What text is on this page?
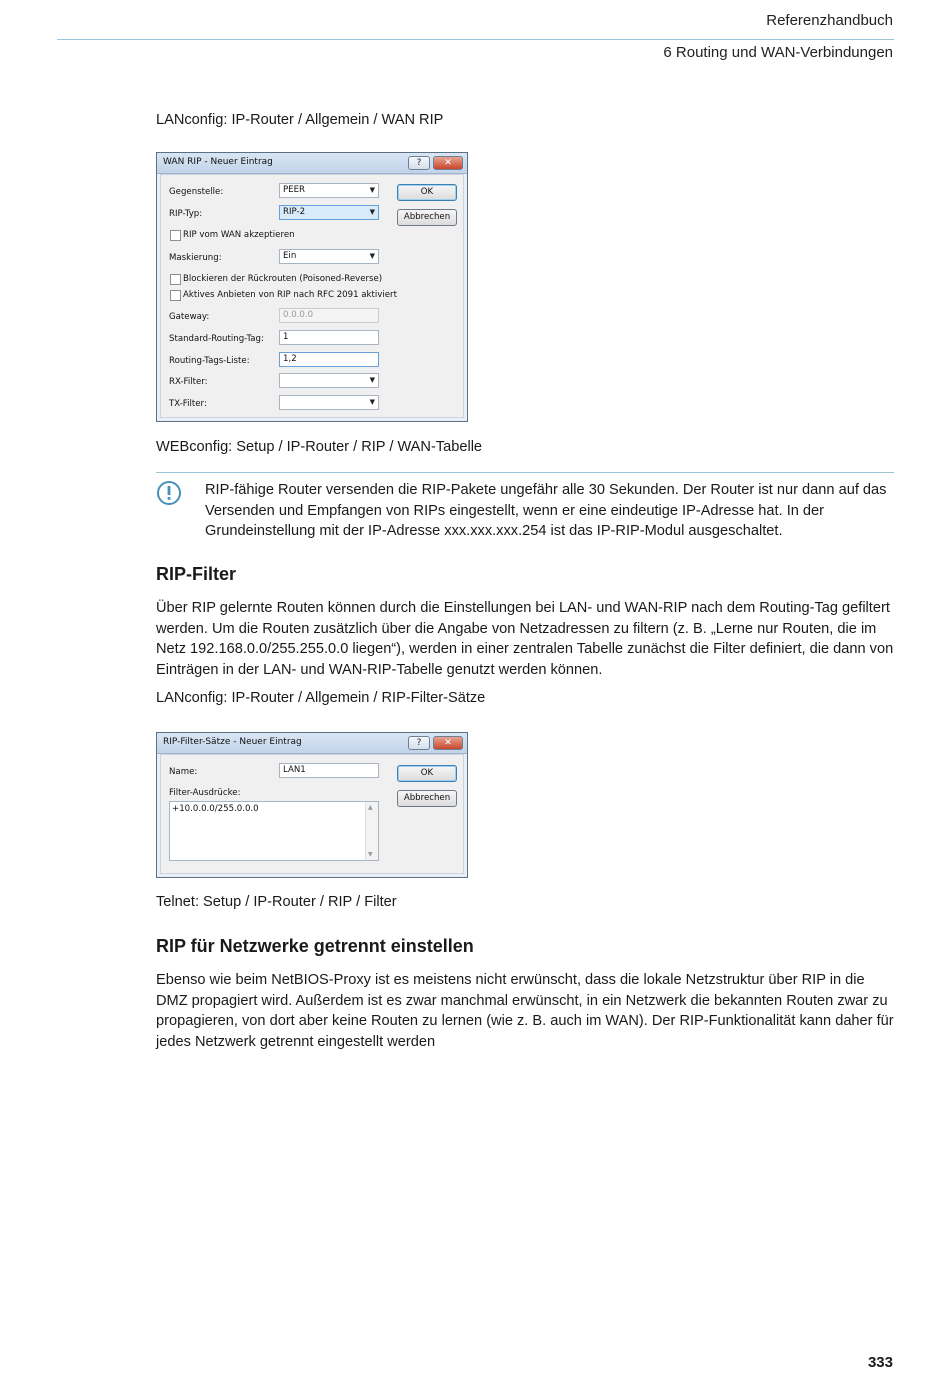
Referenzhandbuch
6 Routing und WAN-Verbindungen
LANconfig: IP-Router / Allgemein / WAN RIP
WAN RIP - Neuer Eintrag	?	✕
Gegenstelle:	PEER	▼	OK
RIP-Typ:	RIP-2	▼	Abbrechen
RIP vom WAN akzeptieren
Maskierung:	Ein	▼
Blockieren der Rückrouten (Poisoned-Reverse)
Aktives Anbieten von RIP nach RFC 2091 aktiviert
Gateway:	0.0.0.0
Standard-Routing-Tag:	1
Routing-Tags-Liste:	1,2
RX-Filter:	▼
TX-Filter:	▼
WEBconfig: Setup / IP-Router / RIP / WAN-Tabelle
RIP-fähige Router versenden die RIP-Pakete ungefähr alle 30 Sekunden. Der Router ist nur dann auf das Versenden und Empfangen von RIPs eingestellt, wenn er eine eindeutige IP-Adresse hat. In der Grundeinstellung mit der IP-Adresse xxx.xxx.xxx.254 ist das IP-RIP-Modul ausgeschaltet.
RIP-Filter
Über RIP gelernte Routen können durch die Einstellungen bei LAN- und WAN-RIP nach dem Routing-Tag gefiltert werden. Um die Routen zusätzlich über die Angabe von Netzadressen zu filtern (z. B. „Lerne nur Routen, die im Netz 192.168.0.0/255.255.0.0 liegen“), werden in einer zentralen Tabelle zunächst die Filter definiert, die dann von Einträgen in der LAN- und WAN-RIP-Tabelle genutzt werden können.
LANconfig: IP-Router / Allgemein / RIP-Filter-Sätze
RIP-Filter-Sätze - Neuer Eintrag	?	✕
Name:	LAN1	OK
Abbrechen
Filter-Ausdrücke:
+10.0.0.0/255.0.0.0	▲
▼
Telnet: Setup / IP-Router / RIP / Filter
RIP für Netzwerke getrennt einstellen
Ebenso wie beim NetBIOS-Proxy ist es meistens nicht erwünscht, dass die lokale Netzstruktur über RIP in die DMZ propagiert wird. Außerdem ist es zwar manchmal erwünscht, in ein Netzwerk die bekannten Routen zwar zu propagieren, von dort aber keine Routen zu lernen (wie z. B. auch im WAN). Der RIP-Funktionalität kann daher für jedes Netzwerk getrennt eingestellt werden
333
